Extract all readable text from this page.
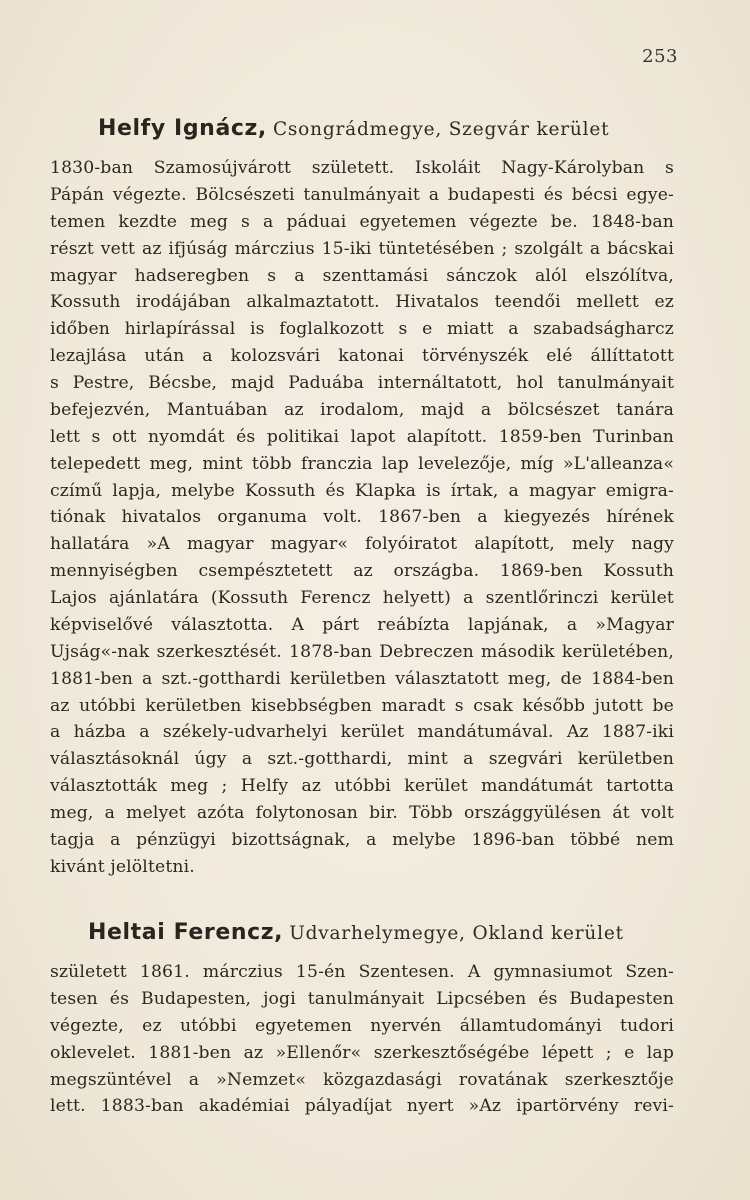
253
Helfy Ignácz, Csongrádmegye, Szegvár kerület
1830-ban Szamosújvárott született. Iskoláit Nagy-Károlyban s
Pápán végezte. Bölcsészeti tanulmányait a budapesti és bécsi egye-
temen kezdte meg s a páduai egyetemen végezte be. 1848-ban
részt vett az ifjúság márczius 15-iki tüntetésében ; szolgált a bácskai
magyar hadseregben s a szenttamási sánczok alól elszólítva,
Kossuth irodájában alkalmaztatott. Hivatalos teendői mellett ez
időben hirlapírással is foglalkozott s e miatt a szabadságharcz
lezajlása után a kolozsvári katonai törvényszék elé állíttatott
s Pestre, Bécsbe, majd Paduába internáltatott, hol tanulmányait
befejezvén, Mantuában az irodalom, majd a bölcsészet tanára
lett s ott nyomdát és politikai lapot alapított. 1859-ben Turinban
telepedett meg, mint több franczia lap levelezője, míg »L'alleanza«
czímű lapja, melybe Kossuth és Klapka is írtak, a magyar emigra-
tiónak hivatalos organuma volt. 1867-ben a kiegyezés hírének
hallatára »A magyar magyar« folyóiratot alapított, mely nagy
mennyiségben csempésztetett az országba. 1869-ben Kossuth
Lajos ajánlatára (Kossuth Ferencz helyett) a szentlőrinczi kerület
képviselővé választotta. A párt reábízta lapjának, a »Magyar
Ujság«-nak szerkesztését. 1878-ban Debreczen második kerületében,
1881-ben a szt.-gotthardi kerületben választatott meg, de 1884-ben
az utóbbi kerületben kisebbségben maradt s csak később jutott be
a házba a székely-udvarhelyi kerület mandátumával. Az 1887-iki
választásoknál úgy a szt.-gotthardi, mint a szegvári kerületben
választották meg ; Helfy az utóbbi kerület mandátumát tartotta
meg, a melyet azóta folytonosan bir. Több országgyülésen át volt
tagja a pénzügyi bizottságnak, a melybe 1896-ban többé nem
kivánt jelöltetni.
Heltai Ferencz, Udvarhelymegye, Okland kerület
született 1861. márczius 15-én Szentesen. A gymnasiumot Szen-
tesen és Budapesten, jogi tanulmányait Lipcsében és Budapesten
végezte, ez utóbbi egyetemen nyervén államtudományi tudori
oklevelet. 1881-ben az »Ellenőr« szerkesztőségébe lépett ; e lap
megszüntével a »Nemzet« közgazdasági rovatának szerkesztője
lett. 1883-ban akadémiai pályadíjat nyert »Az ipartörvény revi-
